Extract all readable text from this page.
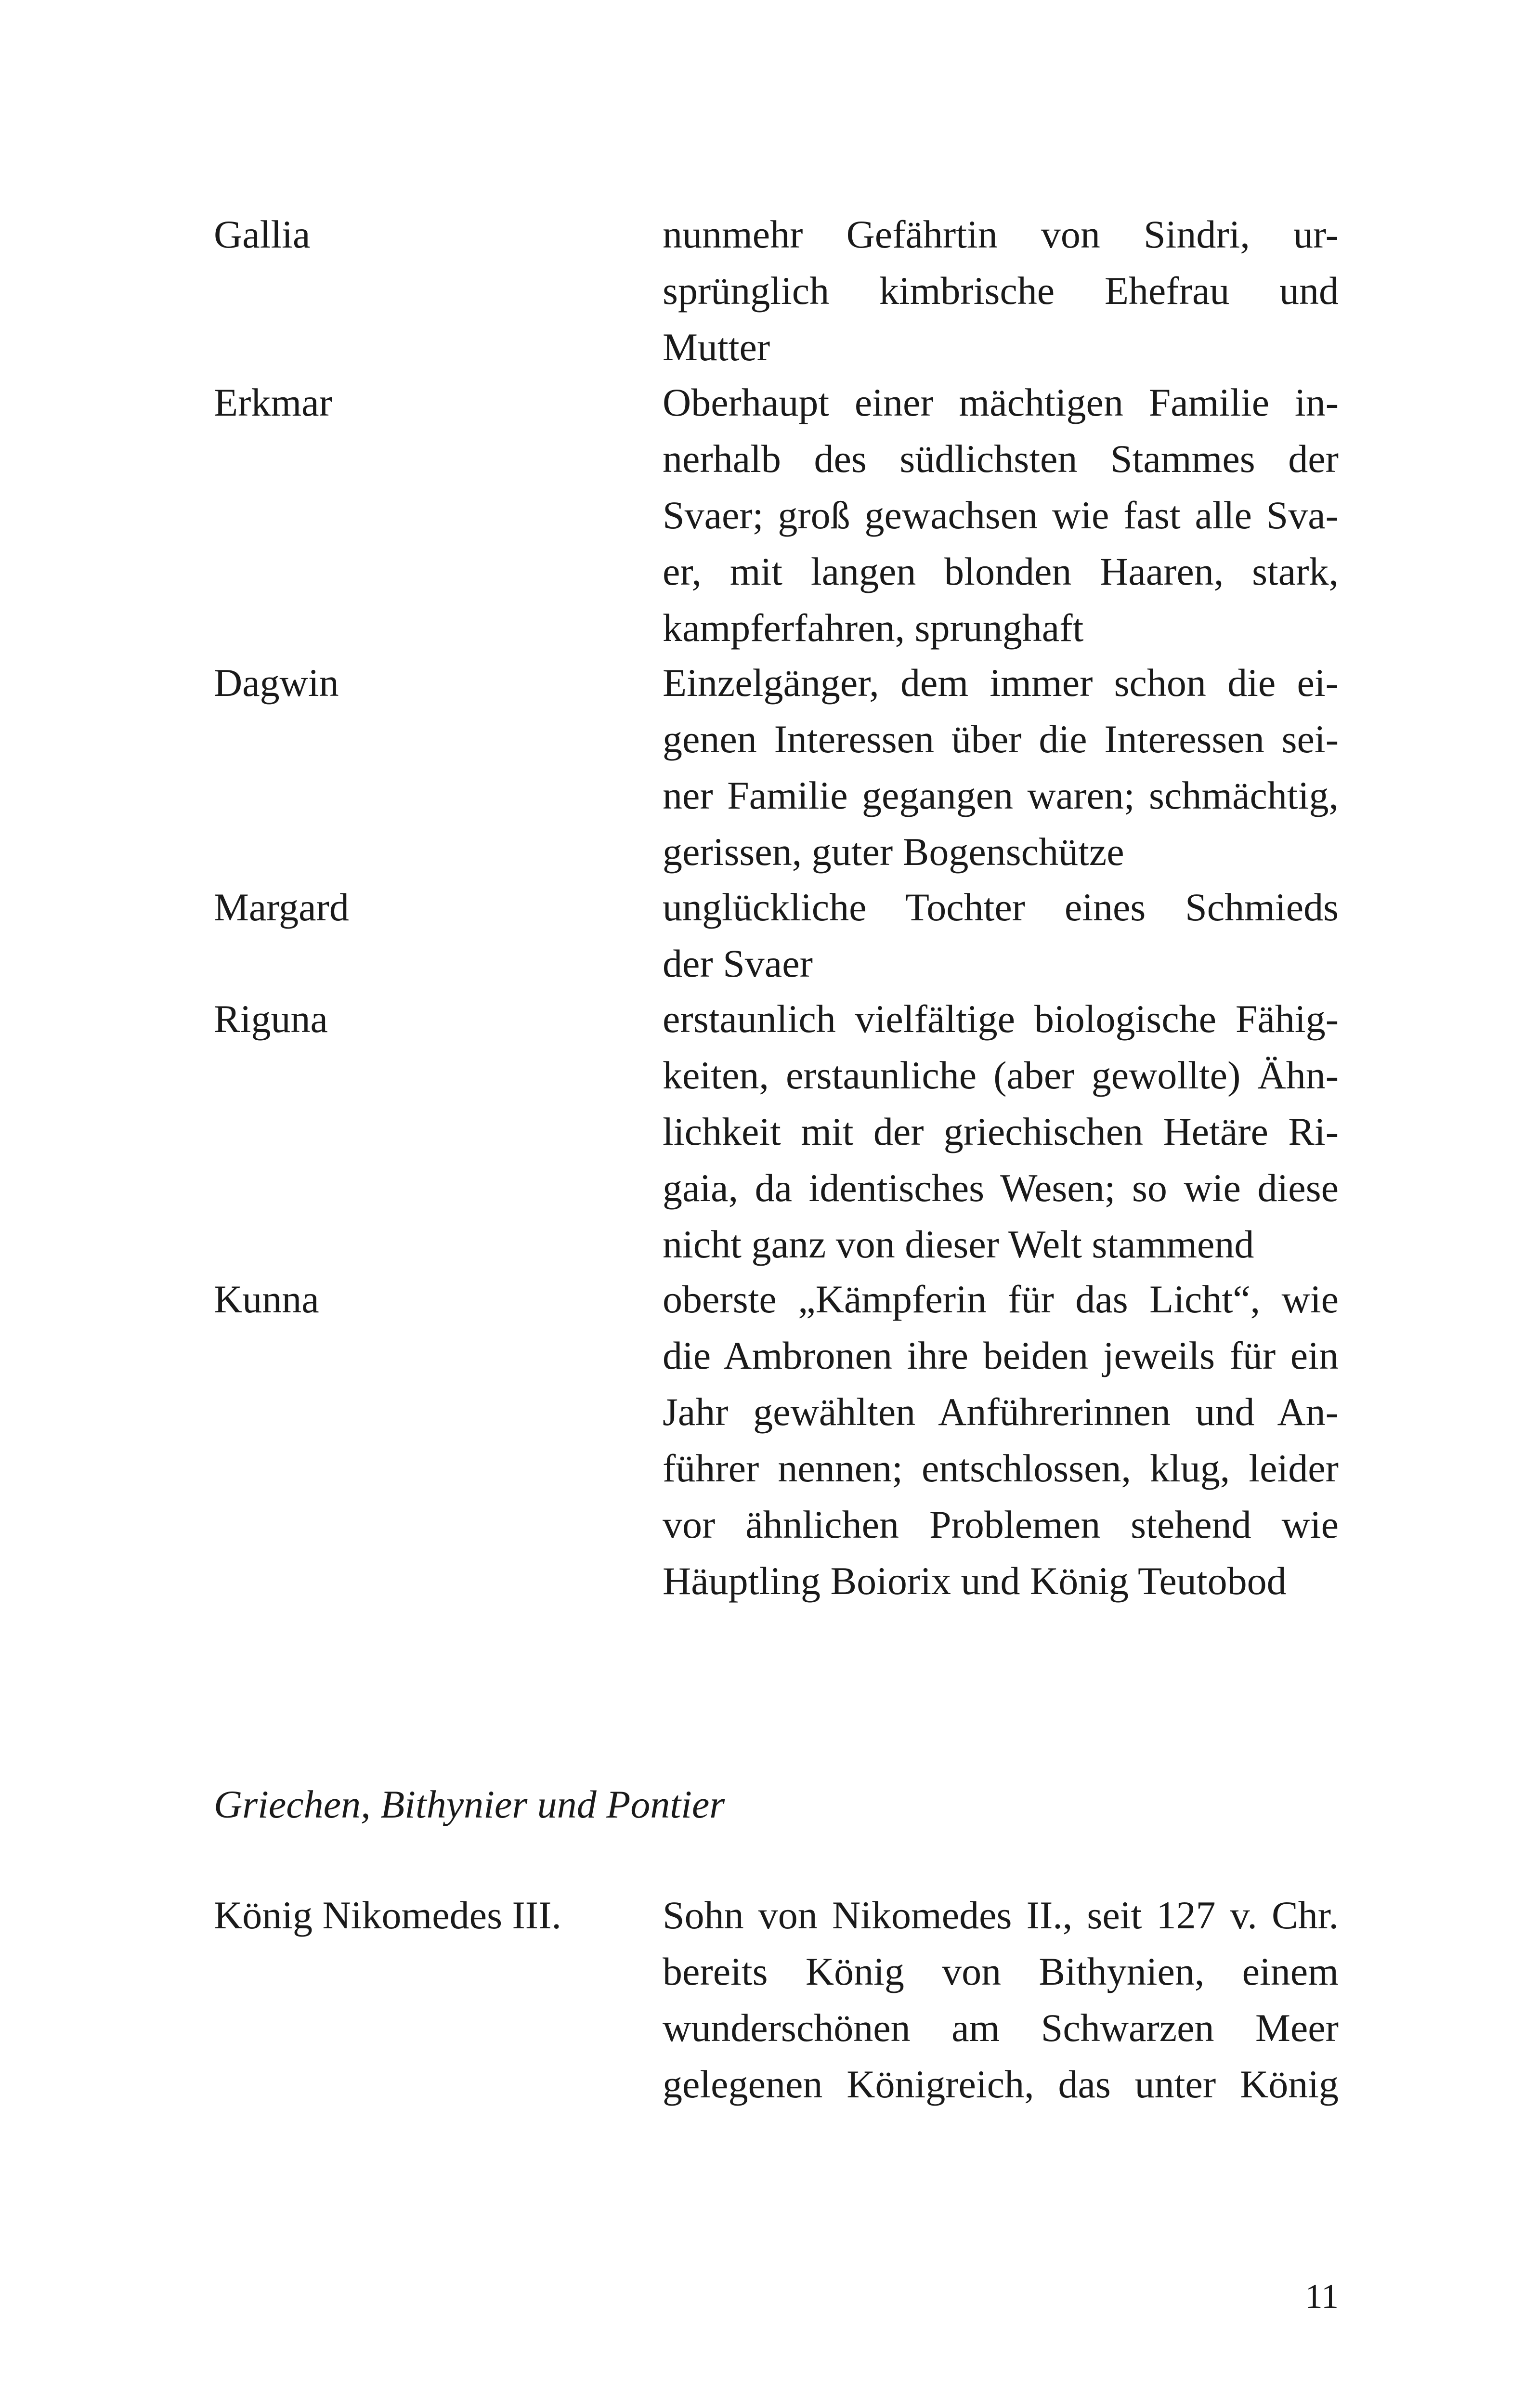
Gallia	nunmehr Gefährtin von Sindri, ur-
sprünglich kimbrische Ehefrau und
Mutter
Erkmar	Oberhaupt einer mächtigen Familie in-
nerhalb des südlichsten Stammes der
Svaer; groß gewachsen wie fast alle Sva-
er, mit langen blonden Haaren, stark,
kampferfahren, sprunghaft
Dagwin	Einzelgänger, dem immer schon die ei-
genen Interessen über die Interessen sei-
ner Familie gegangen waren; schmächtig,
gerissen, guter Bogenschütze
Margard	unglückliche Tochter eines Schmieds
der Svaer
Riguna	erstaunlich vielfältige biologische Fähig-
keiten, erstaunliche (aber gewollte) Ähn-
lichkeit mit der griechischen Hetäre Ri-
gaia, da identisches Wesen; so wie diese
nicht ganz von dieser Welt stammend
Kunna	oberste „Kämpferin für das Licht“, wie
die Ambronen ihre beiden jeweils für ein
Jahr gewählten Anführerinnen und An-
führer nennen; entschlossen, klug, leider
vor ähnlichen Problemen stehend wie
Häuptling Boiorix und König Teutobod
Griechen, Bithynier und Pontier
König Nikomedes III.	Sohn von Nikomedes II., seit 127 v. Chr.
bereits König von Bithynien, einem
wunderschönen am Schwarzen Meer
gelegenen Königreich, das unter König
11
